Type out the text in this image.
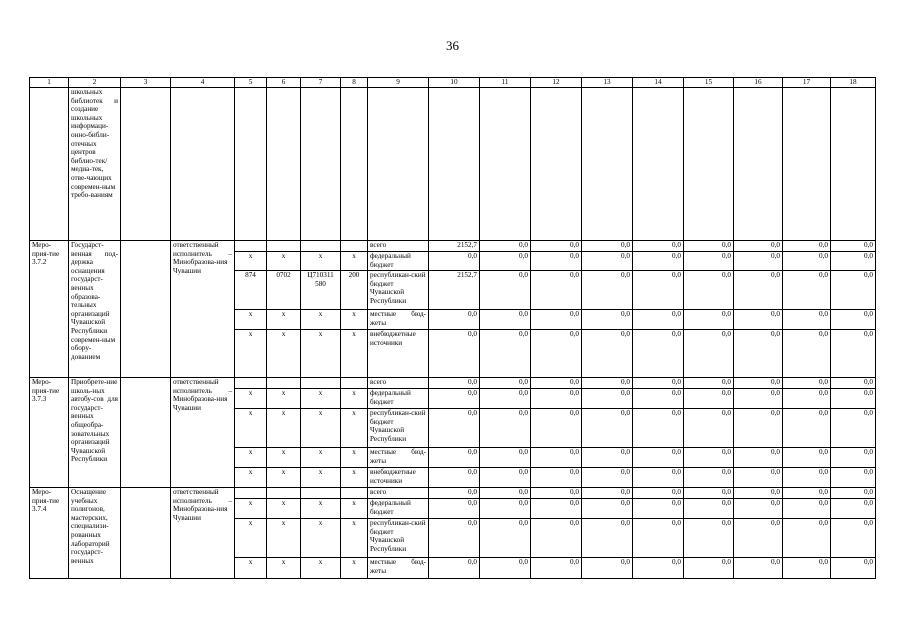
36
1	2	3	4	5	6	7	8	9	10	11	12	13	14	15	16	17	18
	школьных библиотек и создание школьных информаци-онно-библи-отечных центров библио-тек/медиа-тек, отве-чающих современ-ным требо-ваниям																
Меро-прия-тие 3.7.2	Государст-венная под-держка оснащения государст-венных образова-тельных организаций Чувашской Республики современ-ным обору-дованием		ответственный исполнитель – Минобразова-ния Чувашии					всего	2152,7	0,0	0,0	0,0	0,0	0,0	0,0	0,0	0,0
				x	x	x	x	федеральный бюджет	0,0	0,0	0,0	0,0	0,0	0,0	0,0	0,0	0,0
				874	0702	Ц710311 580	200	республикан-ский бюджет Чувашской Республики	2152,7	0,0	0,0	0,0	0,0	0,0	0,0	0,0	0,0
				x	x	x	x	местные бюд-жеты	0,0	0,0	0,0	0,0	0,0	0,0	0,0	0,0	0,0
				x	x	x	x	внебюджетные источники	0,0	0,0	0,0	0,0	0,0	0,0	0,0	0,0	0,0
Меро-прия-тие 3.7.3	Приобрете-ние школь-ных автобу-сов для государст-венных общеобра-зовательных организаций Чувашской Республики		ответственный исполнитель – Минобразова-ния Чувашии					всего	0,0	0,0	0,0	0,0	0,0	0,0	0,0	0,0	0,0
				x	x	x	x	федеральный бюджет	0,0	0,0	0,0	0,0	0,0	0,0	0,0	0,0	0,0
				x	x	x	x	республикан-ский бюджет Чувашской Республики	0,0	0,0	0,0	0,0	0,0	0,0	0,0	0,0	0,0
				x	x	x	x	местные бюд-жеты	0,0	0,0	0,0	0,0	0,0	0,0	0,0	0,0	0,0
				x	x	x	x	внебюджетные источники	0,0	0,0	0,0	0,0	0,0	0,0	0,0	0,0	0,0
Меро-прия-тие 3.7.4	Оснащение учебных полигонов, мастерских, специализи-рованных лабораторий государст-венных		ответственный исполнитель – Минобразова-ния Чувашии					всего	0,0	0,0	0,0	0,0	0,0	0,0	0,0	0,0	0,0
				x	x	x	x	федеральный бюджет	0,0	0,0	0,0	0,0	0,0	0,0	0,0	0,0	0,0
				x	x	x	x	республикан-ский бюджет Чувашской Республики	0,0	0,0	0,0	0,0	0,0	0,0	0,0	0,0	0,0
				x	x	x	x	местные бюд-жеты	0,0	0,0	0,0	0,0	0,0	0,0	0,0	0,0	0,0
